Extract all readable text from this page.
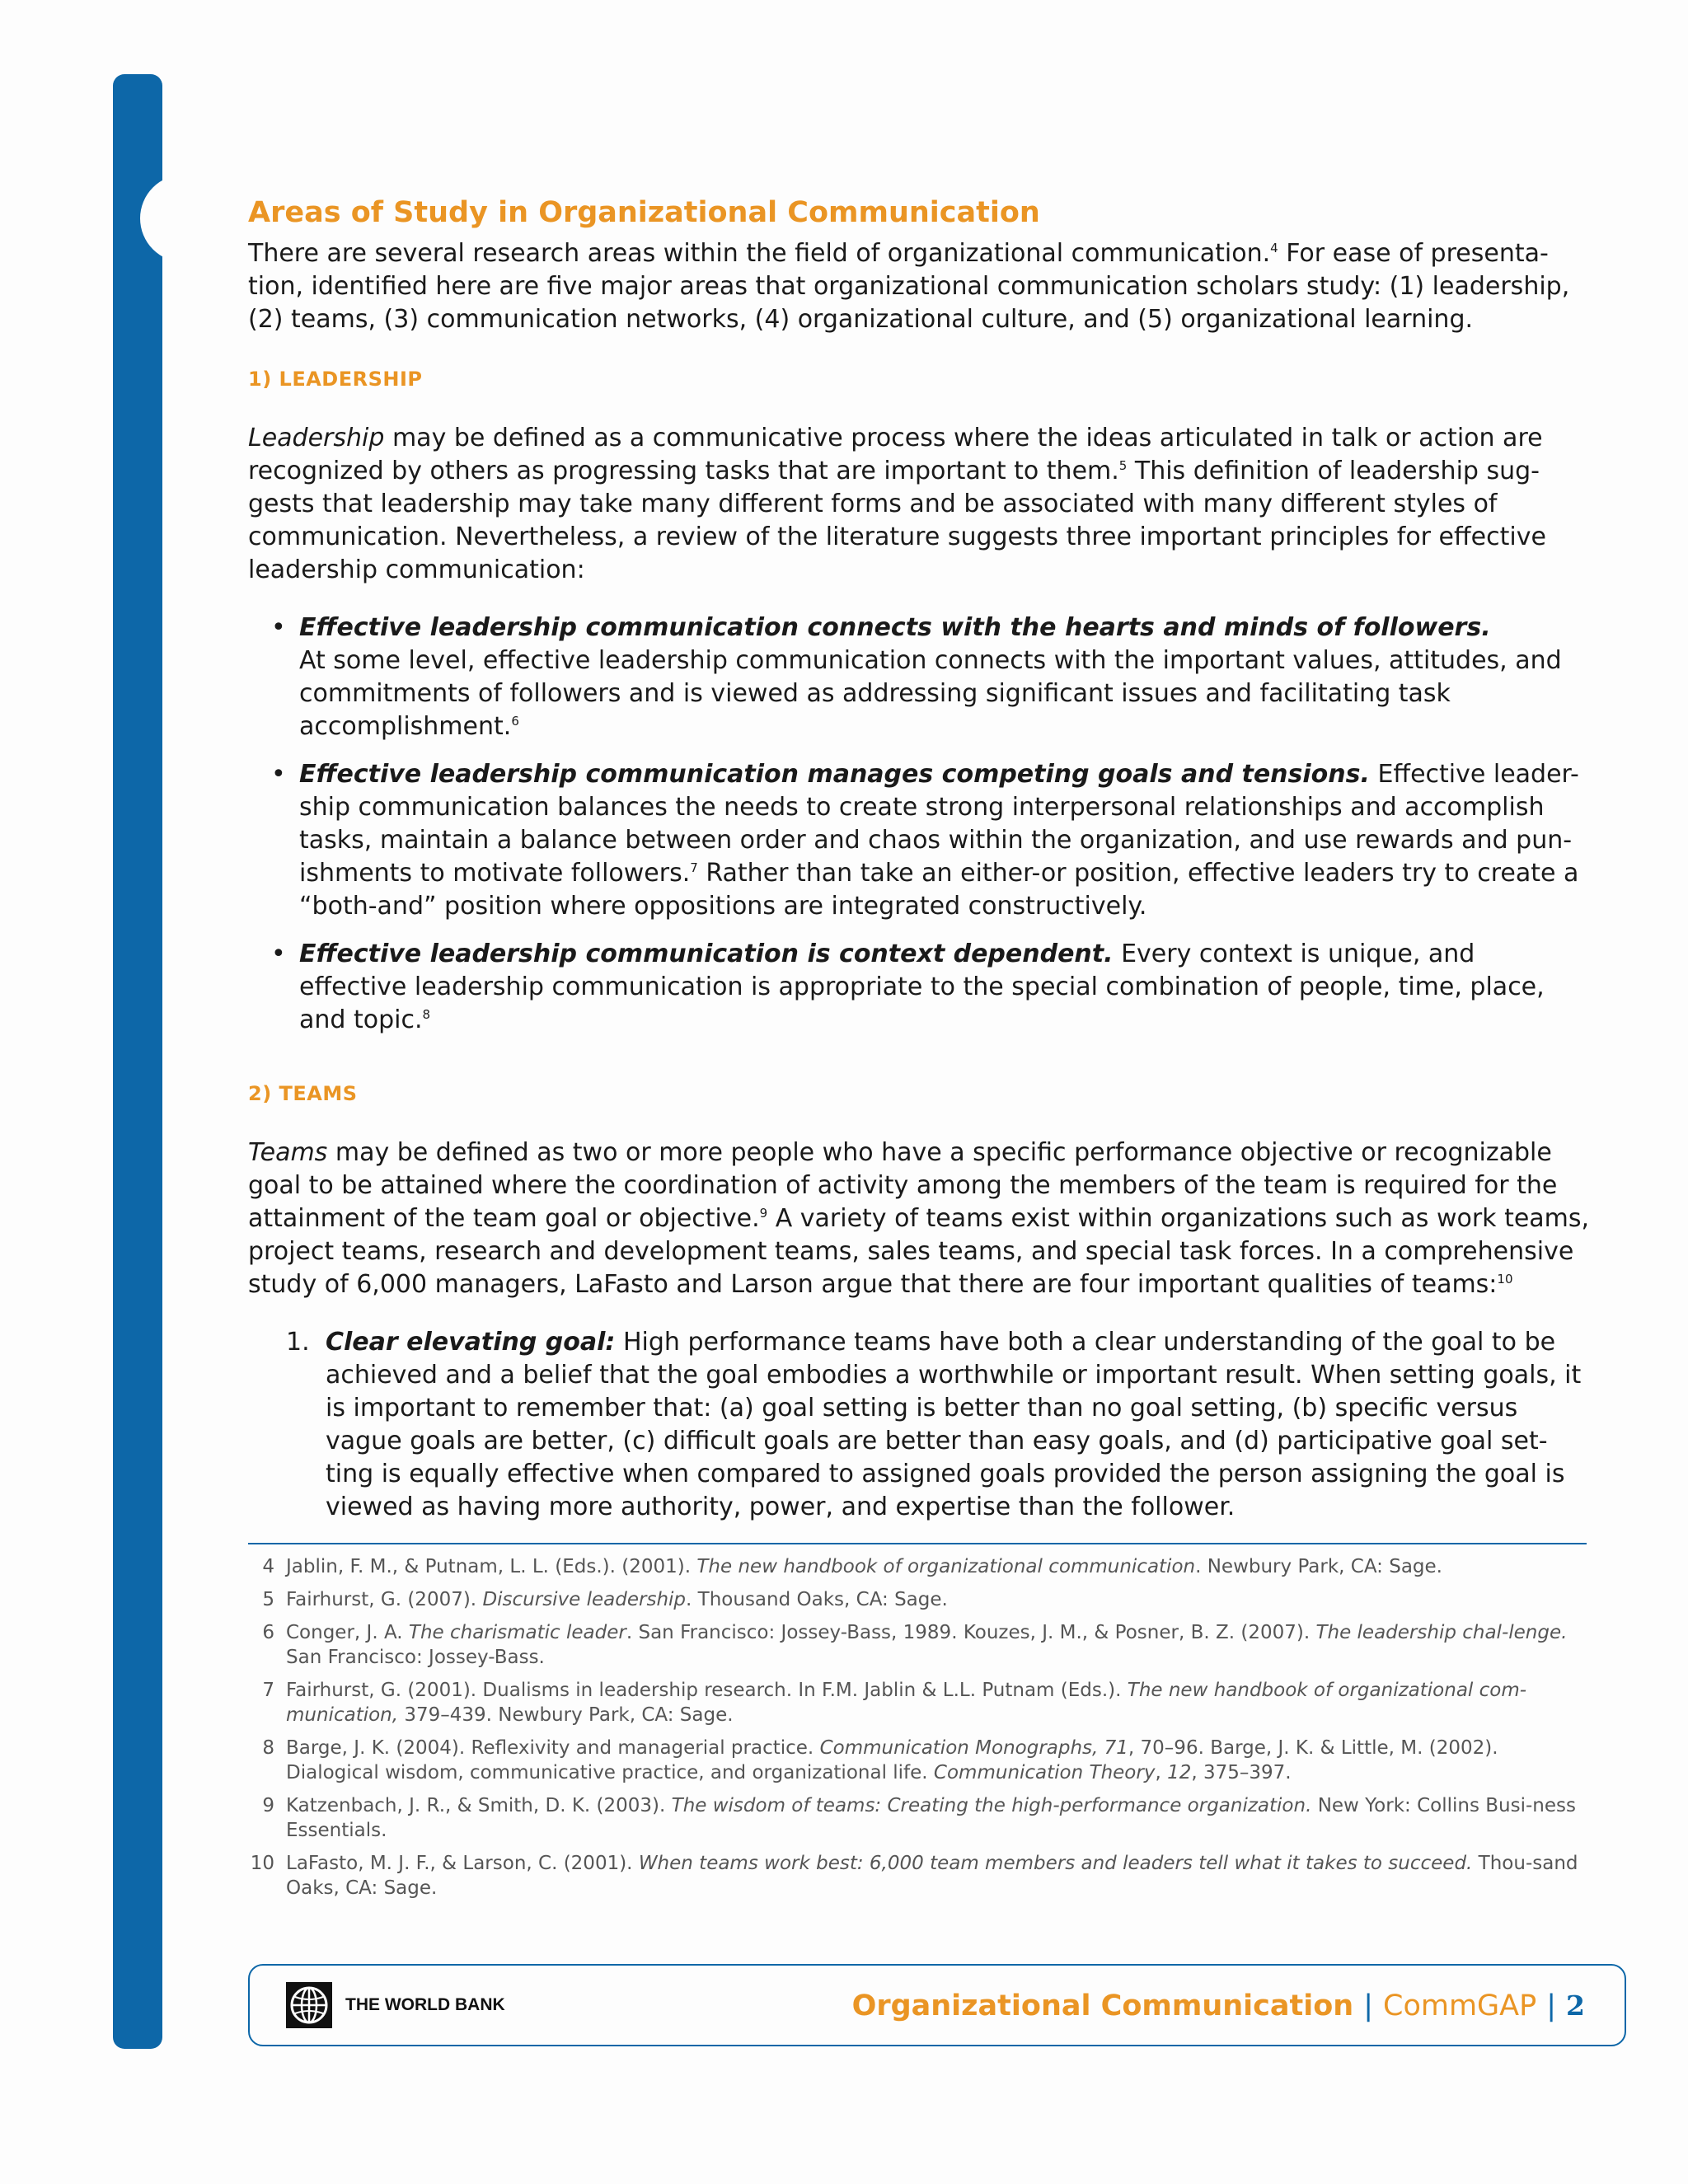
Areas of Study in Organizational Communication

There are several research areas within the field of organizational communication.$^4$ For ease of presenta-tion, identified here are five major areas that organizational communication scholars study: (1) leadership, (2) teams, (3) communication networks, (4) organizational culture, and (5) organizational learning.

1) LEADERSHIP

Leadership may be defined as a communicative process where the ideas articulated in talk or action are recognized by others as progressing tasks that are important to them.$^5$ This definition of leadership sug-gests that leadership may take many different forms and be associated with many different styles of communication. Nevertheless, a review of the literature suggests three important principles for effective leadership communication:

• Effective leadership communication connects with the hearts and minds of followers.
At some level, effective leadership communication connects with the important values, attitudes, and commitments of followers and is viewed as addressing significant issues and facilitating task accomplishment.$^6$
• Effective leadership communication manages competing goals and tensions. Effective leader-ship communication balances the needs to create strong interpersonal relationships and accomplish tasks, maintain a balance between order and chaos within the organization, and use rewards and pun-ishments to motivate followers.$^7$ Rather than take an either-or position, effective leaders try to create a “both-and” position where oppositions are integrated constructively.
• Effective leadership communication is context dependent. Every context is unique, and effective leadership communication is appropriate to the special combination of people, time, place, and topic.$^8$
2) TEAMS

Teams may be defined as two or more people who have a specific performance objective or recognizable goal to be attained where the coordination of activity among the members of the team is required for the attainment of the team goal or objective.$^9$ A variety of teams exist within organizations such as work teams, project teams, research and development teams, sales teams, and special task forces. In a comprehensive study of 6,000 managers, LaFasto and Larson argue that there are four important qualities of teams:$^{10}$

1. Clear elevating goal: High performance teams have both a clear understanding of the goal to be achieved and a belief that the goal embodies a worthwhile or important result. When setting goals, it is important to remember that: (a) goal setting is better than no goal setting, (b) specific versus vague goals are better, (c) difficult goals are better than easy goals, and (d) participative goal set-ting is equally effective when compared to assigned goals provided the person assigning the goal is viewed as having more authority, power, and expertise than the follower.
4 Jablin, F. M., & Putnam, L. L. (Eds.). (2001). The new handbook of organizational communication. Newbury Park, CA: Sage.
5 Fairhurst, G. (2007). Discursive leadership. Thousand Oaks, CA: Sage.
6 Conger, J. A. The charismatic leader. San Francisco: Jossey-Bass, 1989. Kouzes, J. M., & Posner, B. Z. (2007). The leadership chal-lenge. San Francisco: Jossey-Bass.
7 Fairhurst, G. (2001). Dualisms in leadership research. In F.M. Jablin & L.L. Putnam (Eds.). The new handbook of organizational com-munication, 379–439. Newbury Park, CA: Sage.
8 Barge, J. K. (2004). Reflexivity and managerial practice. Communication Monographs, 71, 70–96. Barge, J. K. & Little, M. (2002). Dialogical wisdom, communicative practice, and organizational life. Communication Theory, 12, 375–397.
9 Katzenbach, J. R., & Smith, D. K. (2003). The wisdom of teams: Creating the high-performance organization. New York: Collins Busi-ness Essentials.
10 LaFasto, M. J. F., & Larson, C. (2001). When teams work best: 6,000 team members and leaders tell what it takes to succeed. Thou-sand Oaks, CA: Sage.
THE WORLD BANK	Organizational Communication | CommGAP | 2
